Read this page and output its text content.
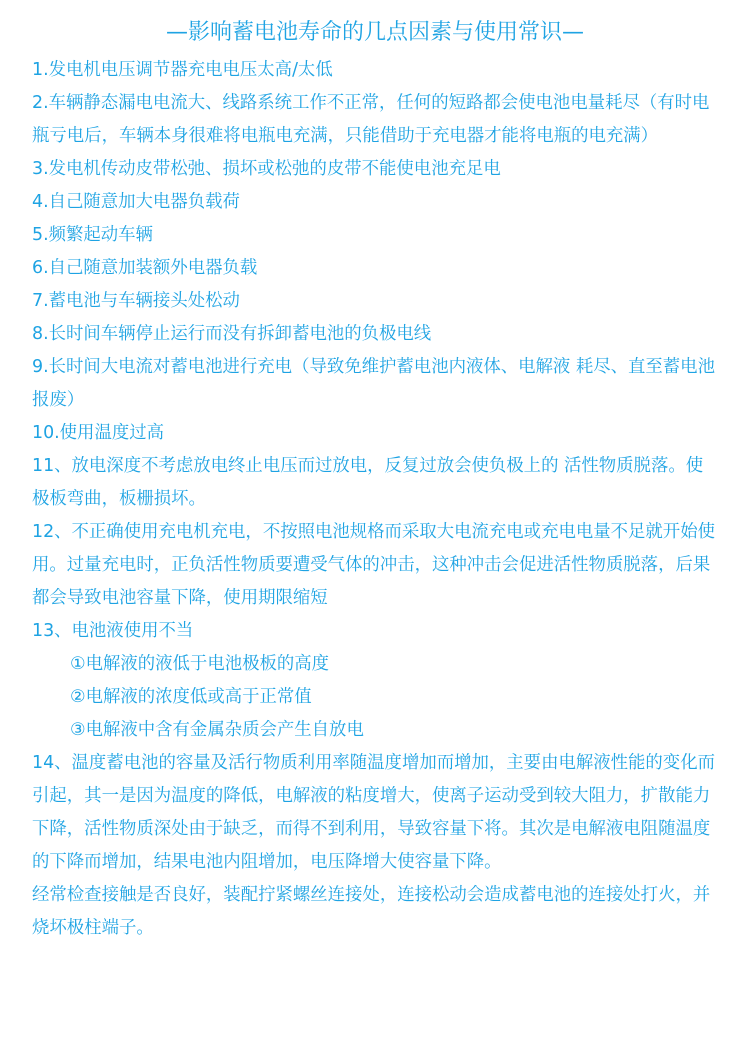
—影响蓄电池寿命的几点因素与使用常识—

1.发电机电压调节器充电电压太高/太低

2.车辆静态漏电电流大、线路系统工作不正常，任何的短路都会使电池电量耗尽（有时电瓶亏电后，车辆本身很难将电瓶电充满，只能借助于充电器才能将电瓶的电充满）

3.发电机传动皮带松弛、损坏或松弛的皮带不能使电池充足电

4.自己随意加大电器负载荷

5.频繁起动车辆

6.自己随意加装额外电器负载

7.蓄电池与车辆接头处松动

8.长时间车辆停止运行而没有拆卸蓄电池的负极电线

9.长时间大电流对蓄电池进行充电（导致免维护蓄电池内液体、电解液 耗尽、直至蓄电池报废）

10.使用温度过高

11、放电深度不考虑放电终止电压而过放电，反复过放会使负极上的 活性物质脱落。使极板弯曲，板栅损坏。

12、不正确使用充电机充电，不按照电池规格而采取大电流充电或充电电量不足就开始使用。过量充电时，正负活性物质要遭受气体的冲击，这种冲击会促进活性物质脱落，后果都会导致电池容量下降，使用期限缩短

13、电池液使用不当

①电解液的液低于电池极板的高度

②电解液的浓度低或高于正常值

③电解液中含有金属杂质会产生自放电

14、温度蓄电池的容量及活行物质利用率随温度增加而增加，主要由电解液性能的变化而引起，其一是因为温度的降低，电解液的粘度增大，使离子运动受到较大阻力，扩散能力下降，活性物质深处由于缺乏，而得不到利用，导致容量下将。其次是电解液电阻随温度的下降而增加，结果电池内阻增加，电压降增大使容量下降。

经常检查接触是否良好，装配拧紧螺丝连接处，连接松动会造成蓄电池的连接处打火，并烧坏极柱端子。
